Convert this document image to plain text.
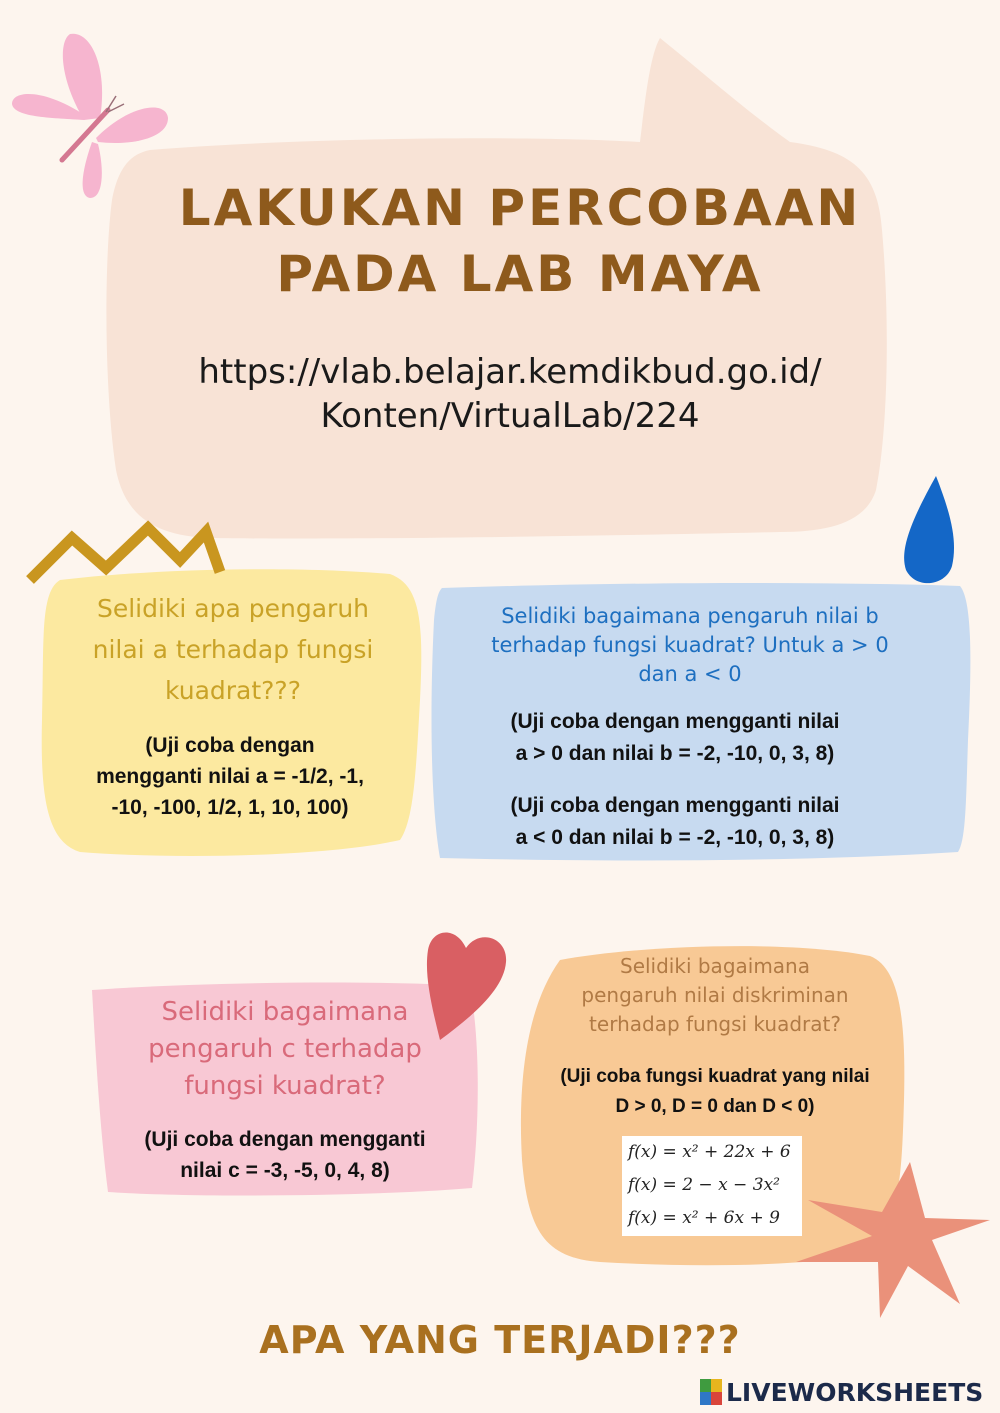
LAKUKAN PERCOBAAN
PADA LAB MAYA
https://vlab.belajar.kemdikbud.go.id/
Konten/VirtualLab/224
Selidiki apa pengaruh
nilai a terhadap fungsi
kuadrat???
(Uji coba dengan
mengganti nilai a = -1/2, -1,
-10, -100, 1/2, 1, 10, 100)
Selidiki bagaimana pengaruh nilai b
terhadap fungsi kuadrat? Untuk a > 0
dan a < 0
(Uji coba dengan mengganti nilai
a > 0 dan nilai b = -2, -10, 0, 3, 8)
(Uji coba dengan mengganti nilai
a < 0 dan nilai b = -2, -10, 0, 3, 8)
Selidiki bagaimana
pengaruh c terhadap
fungsi kuadrat?
(Uji coba dengan mengganti
nilai c = -3, -5, 0, 4, 8)
Selidiki bagaimana
pengaruh nilai diskriminan
terhadap fungsi kuadrat?
(Uji coba fungsi kuadrat yang nilai
D > 0, D = 0 dan D < 0)
f(x) = x² + 22x + 6
f(x) = 2 − x − 3x²
f(x) = x² + 6x + 9
APA YANG TERJADI???
LIVEWORKSHEETS
